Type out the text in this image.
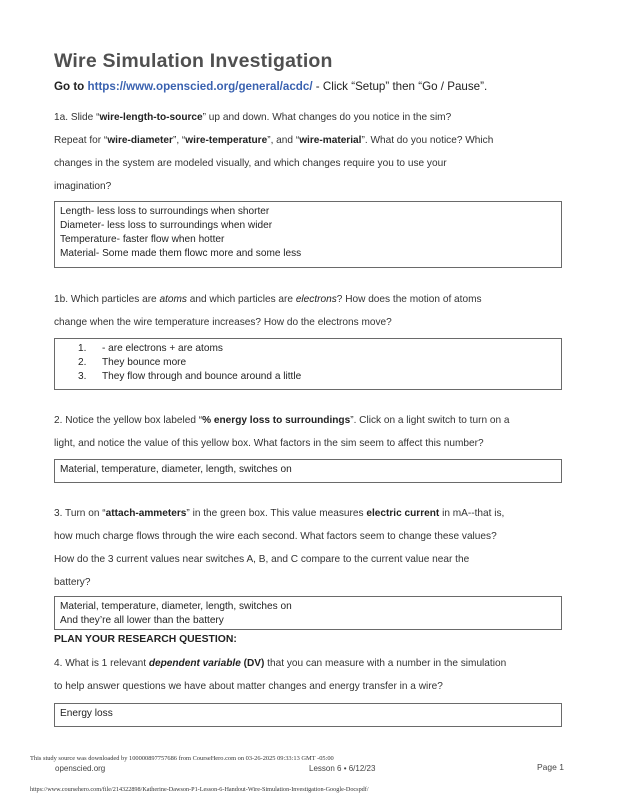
Wire Simulation Investigation
Go to https://www.openscied.org/general/acdc/ - Click “Setup” then “Go / Pause”.
1a. Slide “wire-length-to-source” up and down. What changes do you notice in the sim?
Repeat for “wire-diameter”, “wire-temperature”, and “wire-material”. What do you notice? Which
changes in the system are modeled visually, and which changes require you to use your
imagination?
Length- less loss to surroundings when shorter
Diameter- less loss to surroundings when wider
Temperature- faster flow when hotter
Material- Some made them flowc more and some less
1b. Which particles are atoms and which particles are electrons? How does the motion of atoms
change when the wire temperature increases? How do the electrons move?
1. - are electrons + are atoms
2. They bounce more
3. They flow through and bounce around a little
2. Notice the yellow box labeled “% energy loss to surroundings”. Click on a light switch to turn on a
light, and notice the value of this yellow box. What factors in the sim seem to affect this number?
Material, temperature, diameter, length, switches on
3. Turn on “attach-ammeters” in the green box. This value measures electric current in mA--that is,
how much charge flows through the wire each second. What factors seem to change these values?
How do the 3 current values near switches A, B, and C compare to the current value near the
battery?
Material, temperature, diameter, length, switches on
And they’re all lower than the battery
PLAN YOUR RESEARCH QUESTION:
4. What is 1 relevant dependent variable (DV) that you can measure with a number in the simulation
to help answer questions we have about matter changes and energy transfer in a wire?
Energy loss
This study source was downloaded by 100000897757686 from CourseHero.com on 03-26-2025 09:33:13 GMT -05:00
openscied.org	Lesson 6 • 6/12/23	Page 1
https://www.coursehero.com/file/214322898/Katherine-Dawson-P1-Lesson-6-Handout-Wire-Simulation-Investigation-Google-Docspdf/
